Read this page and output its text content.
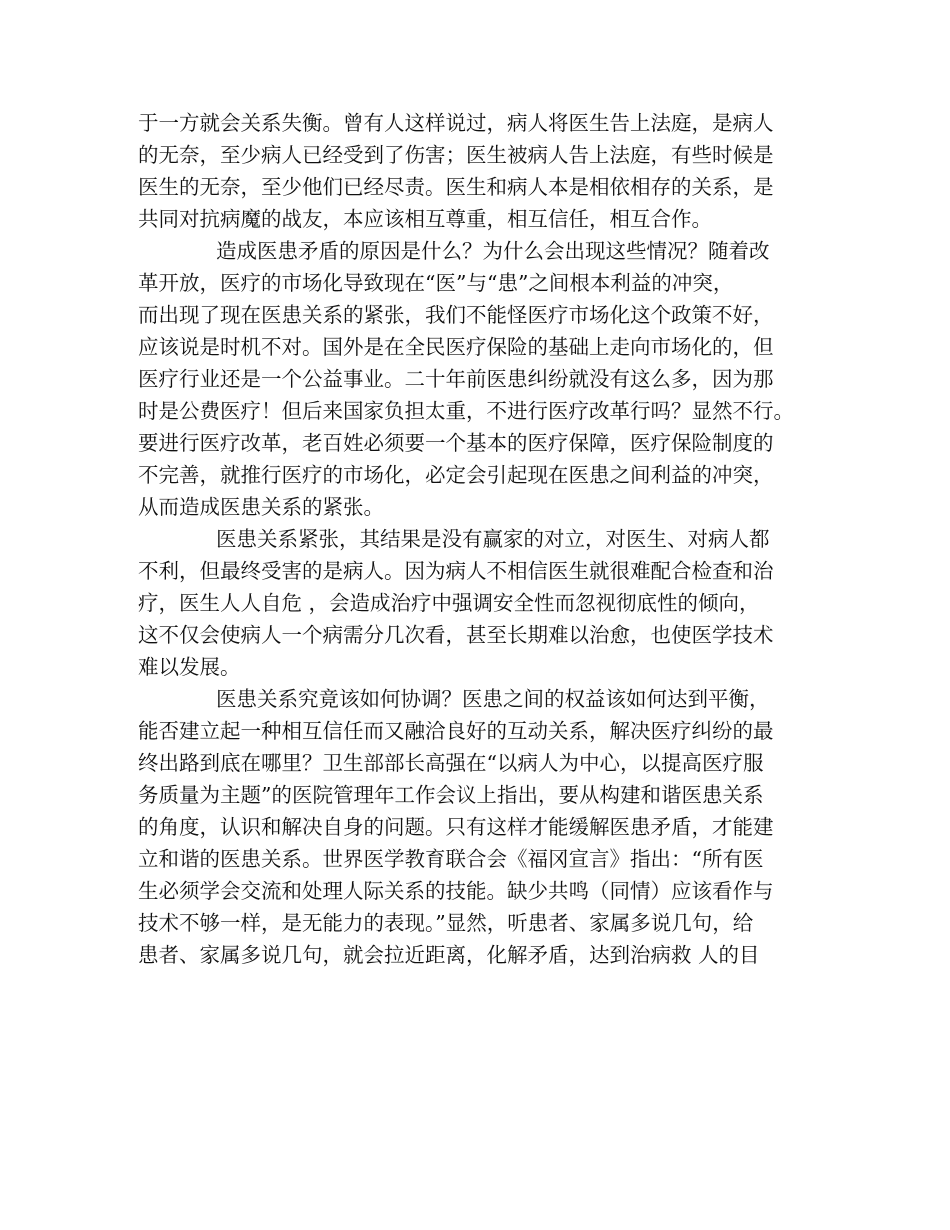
于一方就会关系失衡。曾有人这样说过，病人将医生告上法庭，是病人
的无奈，至少病人已经受到了伤害；医生被病人告上法庭，有些时候是
医生的无奈，至少他们已经尽责。医生和病人本是相依相存的关系，是
共同对抗病魔的战友，本应该相互尊重，相互信任，相互合作。
造成医患矛盾的原因是什么？为什么会出现这些情况？随着改
革开放，医疗的市场化导致现在“医”与“患”之间根本利益的冲突，
而出现了现在医患关系的紧张，我们不能怪医疗市场化这个政策不好，
应该说是时机不对。国外是在全民医疗保险的基础上走向市场化的，但
医疗行业还是一个公益事业。二十年前医患纠纷就没有这么多，因为那
时是公费医疗！但后来国家负担太重，不进行医疗改革行吗？显然不行。
要进行医疗改革，老百姓必须要一个基本的医疗保障，医疗保险制度的
不完善，就推行医疗的市场化，必定会引起现在医患之间利益的冲突，
从而造成医患关系的紧张。
医患关系紧张，其结果是没有赢家的对立，对医生、对病人都
不利，但最终受害的是病人。因为病人不相信医生就很难配合检查和治
疗，医生人人自危 ，会造成治疗中强调安全性而忽视彻底性的倾向，
这不仅会使病人一个病需分几次看，甚至长期难以治愈，也使医学技术
难以发展。
医患关系究竟该如何协调？医患之间的权益该如何达到平衡，
能否建立起一种相互信任而又融洽良好的互动关系，解决医疗纠纷的最
终出路到底在哪里？卫生部部长高强在“以病人为中心，以提高医疗服
务质量为主题”的医院管理年工作会议上指出，要从构建和谐医患关系
的角度，认识和解决自身的问题。只有这样才能缓解医患矛盾，才能建
立和谐的医患关系。世界医学教育联合会《福冈宣言》指出：“所有医
生必须学会交流和处理人际关系的技能。缺少共鸣（同情）应该看作与
技术不够一样，是无能力的表现。”显然，听患者、家属多说几句，给
患者、家属多说几句，就会拉近距离，化解矛盾，达到治病救 人的目
